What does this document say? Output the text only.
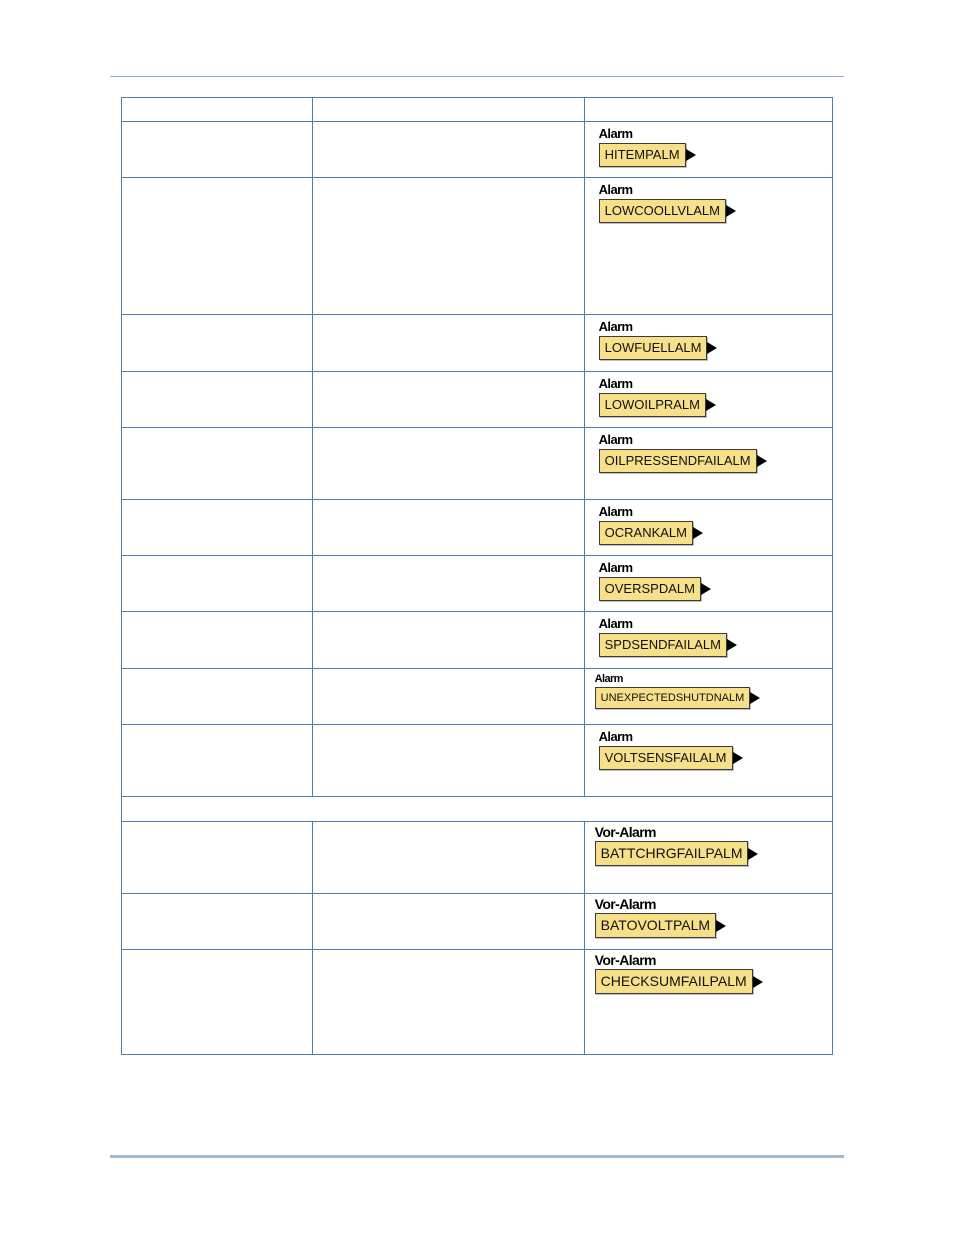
		Alarm
HITEMPALM

		Alarm
LOWCOOLLVLALM

		Alarm
LOWFUELLALM

		Alarm
LOWOILPRALM

		Alarm
OILPRESSENDFAILALM

		Alarm
OCRANKALM

		Alarm
OVERSPDALM

		Alarm
SPDSENDFAILALM

		Alarm
UNEXPECTEDSHUTDNALM

		Alarm
VOLTSENSFAILALM

		Vor-Alarm
BATTCHRGFAILPALM

		Vor-Alarm
BATOVOLTPALM

		Vor-Alarm
CHECKSUMFAILPALM
